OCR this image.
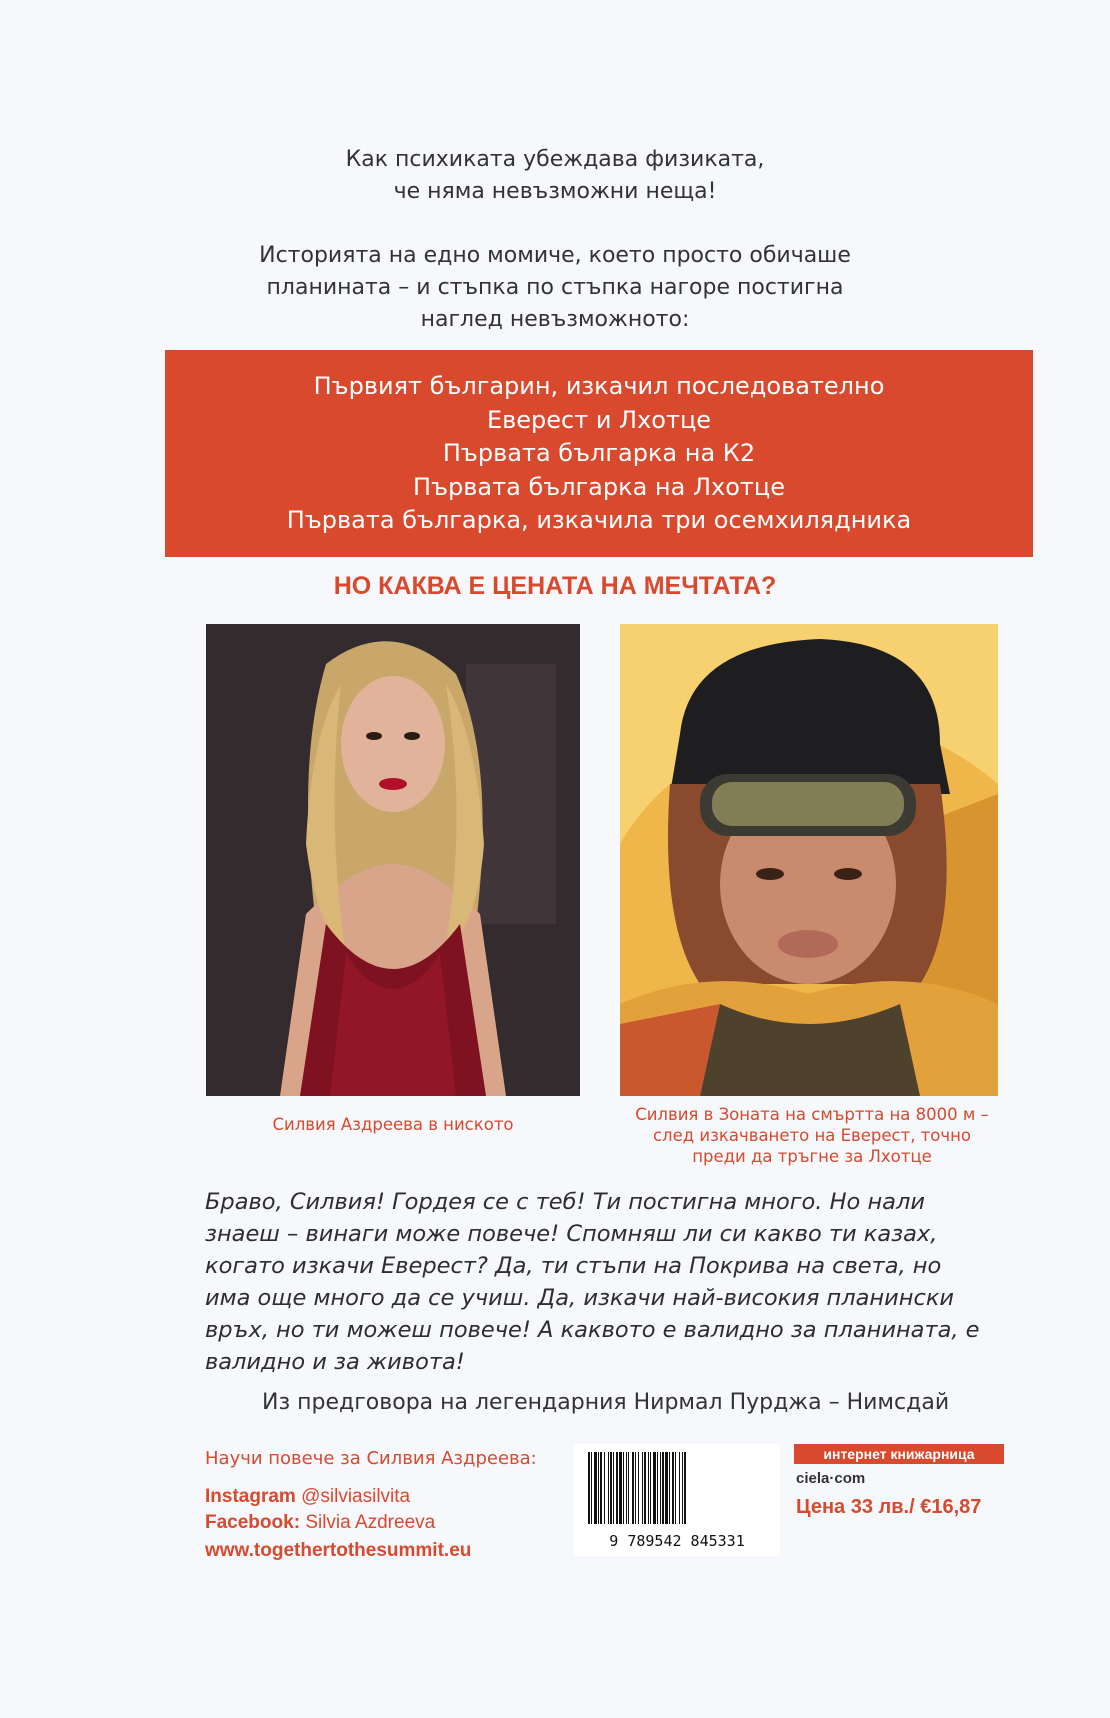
Как психиката убеждава физиката,

че няма невъзможни неща!

Историята на едно момиче, което просто обичаше

планината – и стъпка по стъпка нагоре постигна

наглед невъзможното:

Първият българин, изкачил последователно

Еверест и Лхотце

Първата българка на К2

Първата българка на Лхотце

Първата българка, изкачила три осемхилядника

НО КАКВА Е ЦЕНАТА НА МЕЧТАТА?

Силвия Аздреева в ниското

Силвия в Зоната на смъртта на 8000 м –

след изкачването на Еверест, точно

преди да тръгне за Лхотце

Браво, Силвия! Гордея се с теб! Ти постигна много. Но нали

знаеш – винаги може повече! Спомняш ли си какво ти казах,

когато изкачи Еверест? Да, ти стъпи на Покрива на света, но

има още много да се учиш. Да, изкачи най-високия планински

връх, но ти можеш повече! А каквото е валидно за планината, е

валидно и за живота!

Из предговора на легендарния Нирмал Пурджа – Нимсдай
Научи повече за Силвия Аздреева:
Instagram @silviasilvita
Facebook: Silvia Azdreeva
www.togethertothesummit.eu	9 789542 845331
интернет книжарница
ciela·com
Цена 33 лв./ €16,87
